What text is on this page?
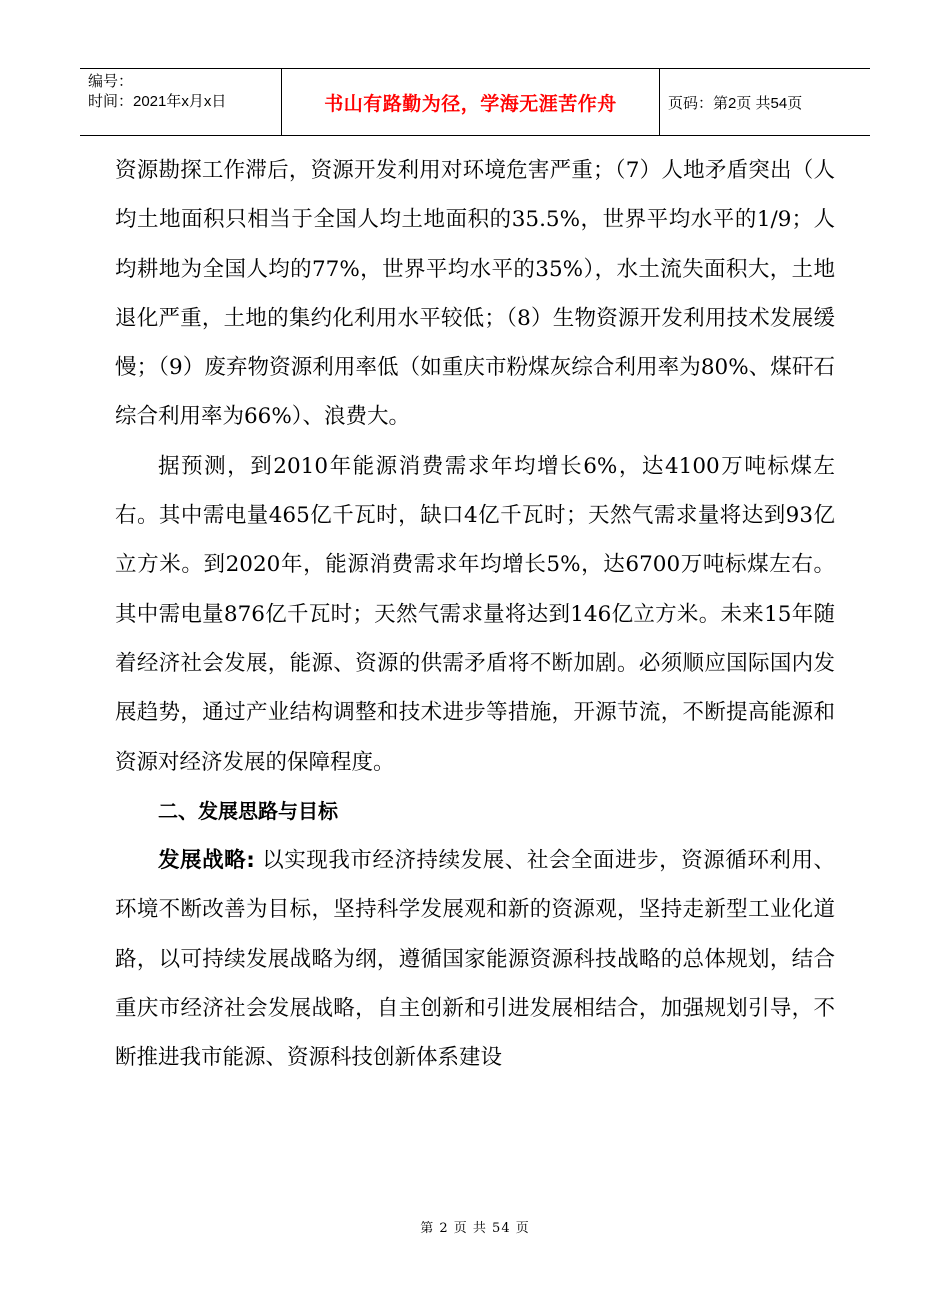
编号：
时间：2021年x月x日	书山有路勤为径，学海无涯苦作舟	页码：第2页 共54页

资源勘探工作滞后，资源开发利用对环境危害严重；（7）人地矛盾突出（人均土地面积只相当于全国人均土地面积的35.5%，世界平均水平的1/9；人均耕地为全国人均的77%，世界平均水平的35%），水土流失面积大，土地退化严重，土地的集约化利用水平较低；（8）生物资源开发利用技术发展缓慢；（9）废弃物资源利用率低（如重庆市粉煤灰综合利用率为80%、煤矸石综合利用率为66%）、浪费大。

据预测，到2010年能源消费需求年均增长6%，达4100万吨标煤左右。其中需电量465亿千瓦时，缺口4亿千瓦时；天然气需求量将达到93亿立方米。到2020年，能源消费需求年均增长5%，达6700万吨标煤左右。其中需电量876亿千瓦时；天然气需求量将达到146亿立方米。未来15年随着经济社会发展，能源、资源的供需矛盾将不断加剧。必须顺应国际国内发展趋势，通过产业结构调整和技术进步等措施，开源节流，不断提高能源和资源对经济发展的保障程度。

二、发展思路与目标

发展战略: 以实现我市经济持续发展、社会全面进步，资源循环利用、环境不断改善为目标，坚持科学发展观和新的资源观，坚持走新型工业化道路，以可持续发展战略为纲，遵循国家能源资源科技战略的总体规划，结合重庆市经济社会发展战略，自主创新和引进发展相结合，加强规划引导，不断推进我市能源、资源科技创新体系建设

第 2 页 共 54 页
